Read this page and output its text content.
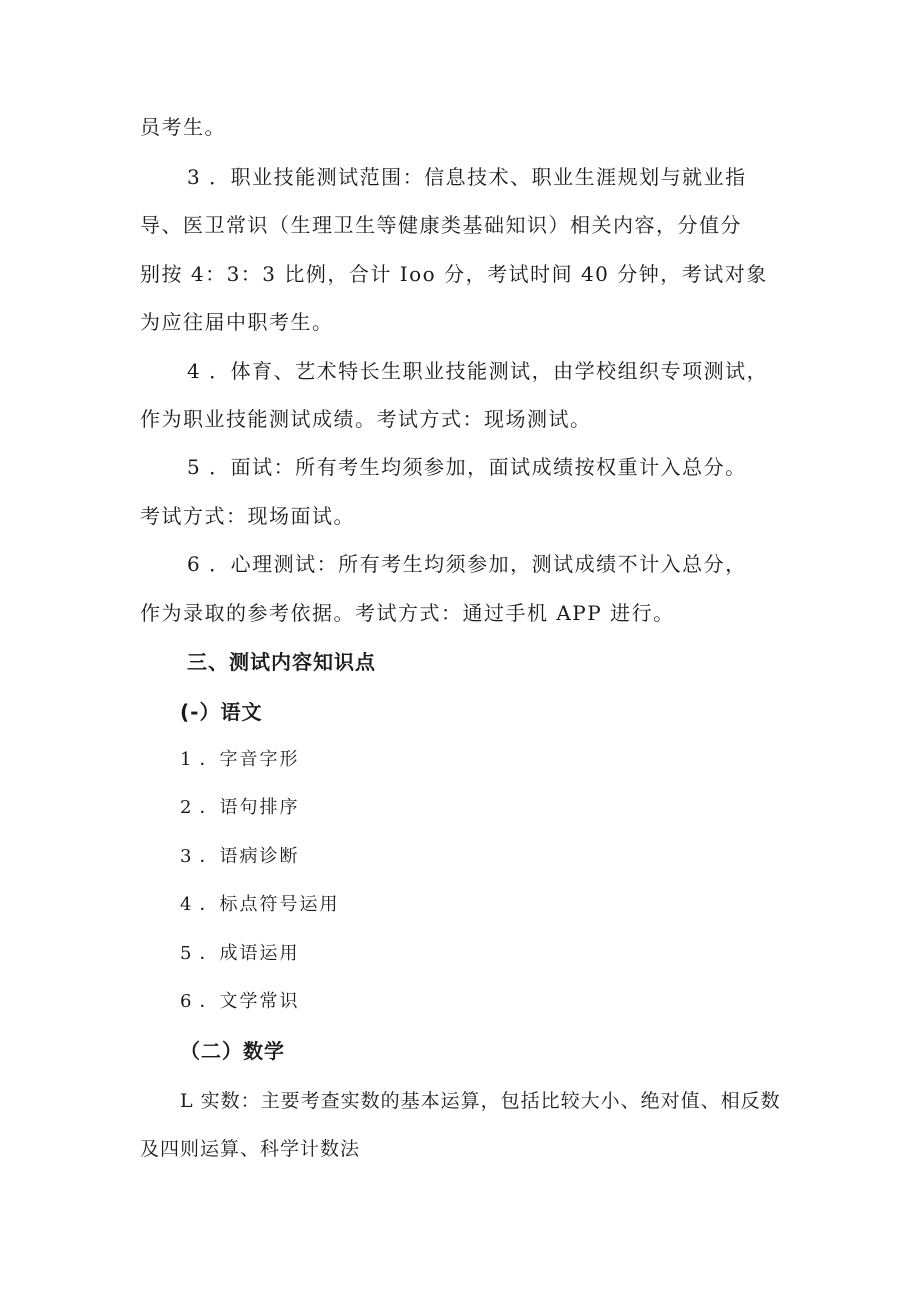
员考生。
3 ．职业技能测试范围：信息技术、职业生涯规划与就业指
导、医卫常识（生理卫生等健康类基础知识）相关内容，分值分
别按 4：3：3 比例，合计 Ioo 分，考试时间 40 分钟，考试对象
为应往届中职考生。
4 ．体育、艺术特长生职业技能测试，由学校组织专项测试，
作为职业技能测试成绩。考试方式：现场测试。
5 ．面试：所有考生均须参加，面试成绩按权重计入总分。
考试方式：现场面试。
6 ．心理测试：所有考生均须参加，测试成绩不计入总分，
作为录取的参考依据。考试方式：通过手机 APP 进行。
三、测试内容知识点
(-）语文
1 ．字音字形
2 ．语句排序
3 ．语病诊断
4 ．标点符号运用
5 ．成语运用
6 ．文学常识
（二）数学
L 实数：主要考查实数的基本运算，包括比较大小、绝对值、相反数
及四则运算、科学计数法
